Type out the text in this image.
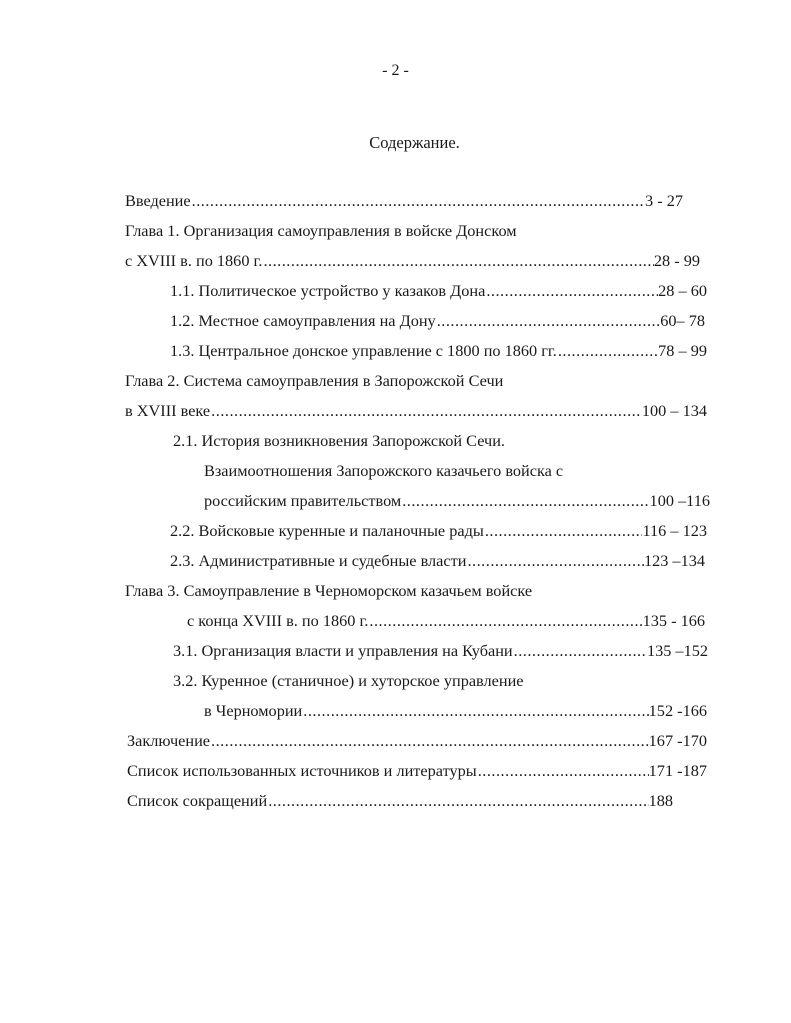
- 2 -
Содержание.
Введение .....	3 - 27
Глава 1. Организация самоуправления в войске Донском
с XVIII в. по 1860 г. .....	28 - 99
1.1. Политическое устройство у казаков Дона .....	28 – 60
1.2. Местное самоуправления на Дону .....	60– 78
1.3. Центральное донское управление с 1800 по 1860 гг. .....	78 – 99
Глава 2. Система самоуправления в Запорожской Сечи
в XVIII веке .....	100 – 134
2.1. История возникновения Запорожской Сечи.
Взаимоотношения Запорожского казачьего войска с
российским правительством .....	100 –116
2.2. Войсковые куренные и паланочные рады .....	116 – 123
2.3. Административные и судебные власти .....	123 –134
Глава 3. Самоуправление в Черноморском казачьем войске
с конца XVIII в. по 1860 г. .....	135 - 166
3.1. Организация власти и управления на Кубани .....	135 –152
3.2. Куренное (станичное) и хуторское управление
в Черномории .....	152 -166
Заключение .....	167 -170
Список использованных источников и литературы .....	171 -187
Список сокращений .....	188
